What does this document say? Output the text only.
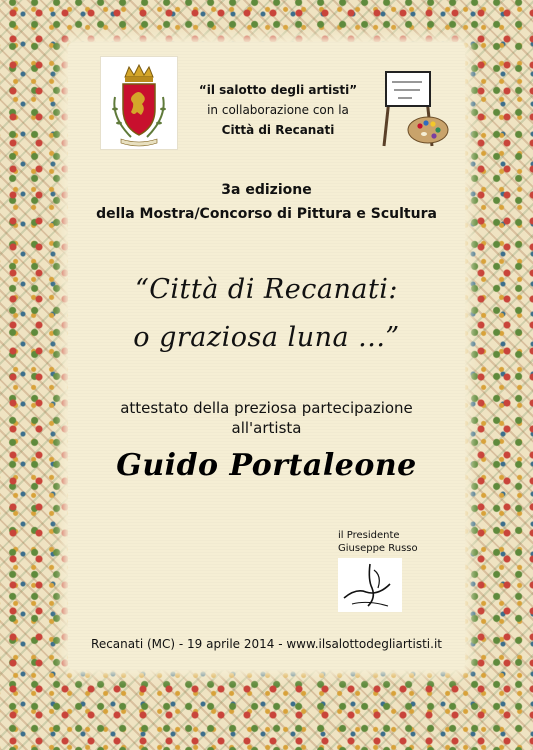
“il salotto degli artisti”
in collaborazione con la
Città di Recanati
3a edizione
della Mostra/Concorso di Pittura e Scultura
“Città di Recanati:
o graziosa luna ...”
attestato della preziosa partecipazione
all'artista
Guido Portaleone
il Presidente
Giuseppe Russo
Recanati (MC) - 19 aprile 2014 - www.ilsalottodegliartisti.it
